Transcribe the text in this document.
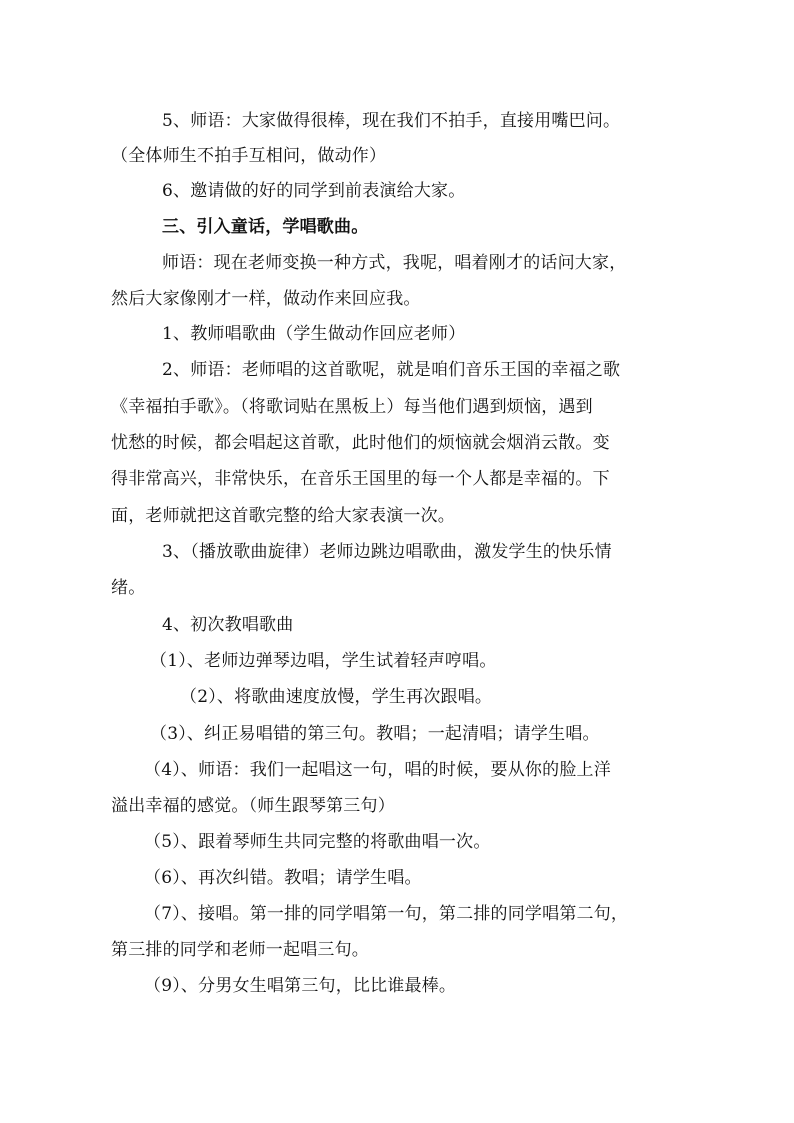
5、师语：大家做得很棒，现在我们不拍手，直接用嘴巴问。
（全体师生不拍手互相问，做动作）
6、邀请做的好的同学到前表演给大家。
三、引入童话，学唱歌曲。
师语：现在老师变换一种方式，我呢，唱着刚才的话问大家，
然后大家像刚才一样，做动作来回应我。
1、教师唱歌曲（学生做动作回应老师）
2、师语：老师唱的这首歌呢，就是咱们音乐王国的幸福之歌
《幸福拍手歌》。（将歌词贴在黑板上）每当他们遇到烦恼，遇到
忧愁的时候，都会唱起这首歌，此时他们的烦恼就会烟消云散。变
得非常高兴，非常快乐，在音乐王国里的每一个人都是幸福的。下
面，老师就把这首歌完整的给大家表演一次。
3、（播放歌曲旋律）老师边跳边唱歌曲，激发学生的快乐情
绪。
4、初次教唱歌曲
（1）、老师边弹琴边唱，学生试着轻声哼唱。
（2）、将歌曲速度放慢，学生再次跟唱。
（3）、纠正易唱错的第三句。教唱；一起清唱；请学生唱。
（4）、师语：我们一起唱这一句，唱的时候，要从你的脸上洋
溢出幸福的感觉。（师生跟琴第三句）
（5）、跟着琴师生共同完整的将歌曲唱一次。
（6）、再次纠错。教唱；请学生唱。
（7）、接唱。第一排的同学唱第一句，第二排的同学唱第二句，
第三排的同学和老师一起唱三句。
（9）、分男女生唱第三句，比比谁最棒。
